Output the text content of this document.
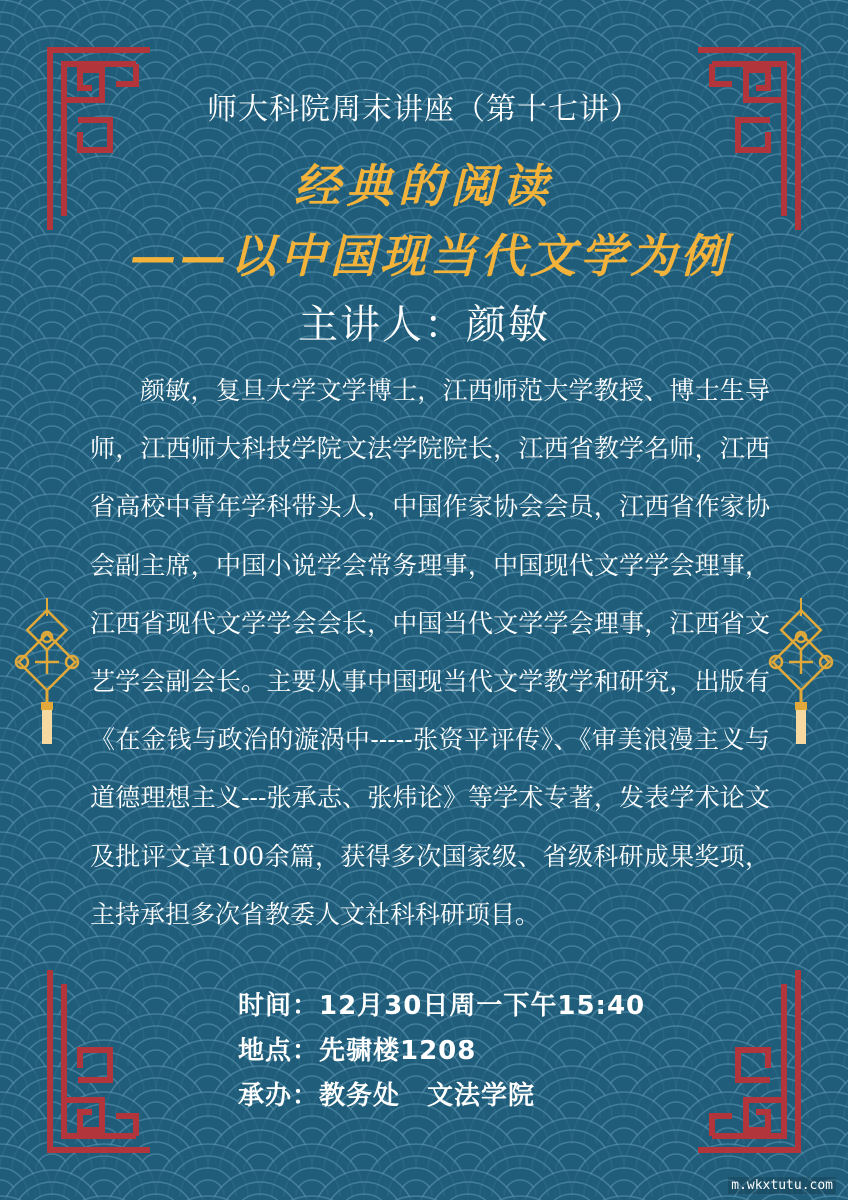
师大科院周末讲座（第十七讲）
经典的阅读
——以中国现当代文学为例
主讲人：颜敏
颜敏，复旦大学文学博士，江西师范大学教授、博士生导师，江西师大科技学院文法学院院长，江西省教学名师，江西省高校中青年学科带头人，中国作家协会会员，江西省作家协会副主席，中国小说学会常务理事，中国现代文学学会理事，江西省现代文学学会会长，中国当代文学学会理事，江西省文艺学会副会长。主要从事中国现当代文学教学和研究，出版有《在金钱与政治的漩涡中-----张资平评传》、《审美浪漫主义与道德理想主义---张承志、张炜论》等学术专著，发表学术论文及批评文章100余篇，获得多次国家级、省级科研成果奖项，主持承担多次省教委人文社科科研项目。
时间：12月30日周一下午15:40
地点：先骕楼1208
承办：教务处　文法学院
m.wkxtutu.com
